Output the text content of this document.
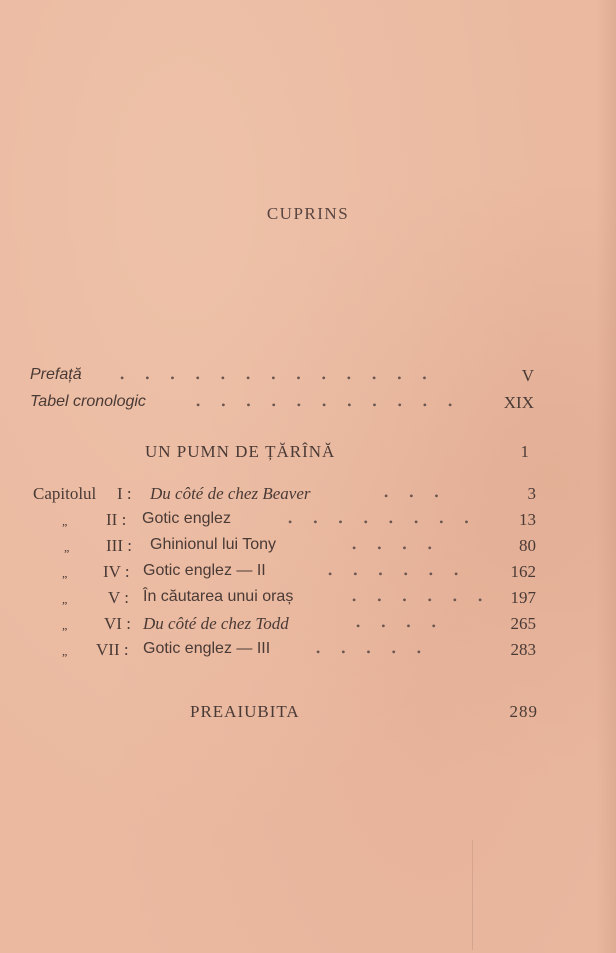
CUPRINS
Prefață	• • • • • • • • • • • • •	V
Tabel cronologic	• • • • • • • • • • •	XIX
UN PUMN DE ȚĂRÎNĂ	1
Capitolul I : Du côté de chez Beaver	• • •	3
„ II : Gotic englez	• • • • • • • •	13
„ III : Ghinionul lui Tony	• • • •	80
„ IV : Gotic englez — II	• • • • • •	162
„ V : În căutarea unui oraș	• • • • • •	197
„ VI : Du côté de chez Todd	• • • •	265
„ VII : Gotic englez — III	• • • • •	283
PREAIUBITA	289
